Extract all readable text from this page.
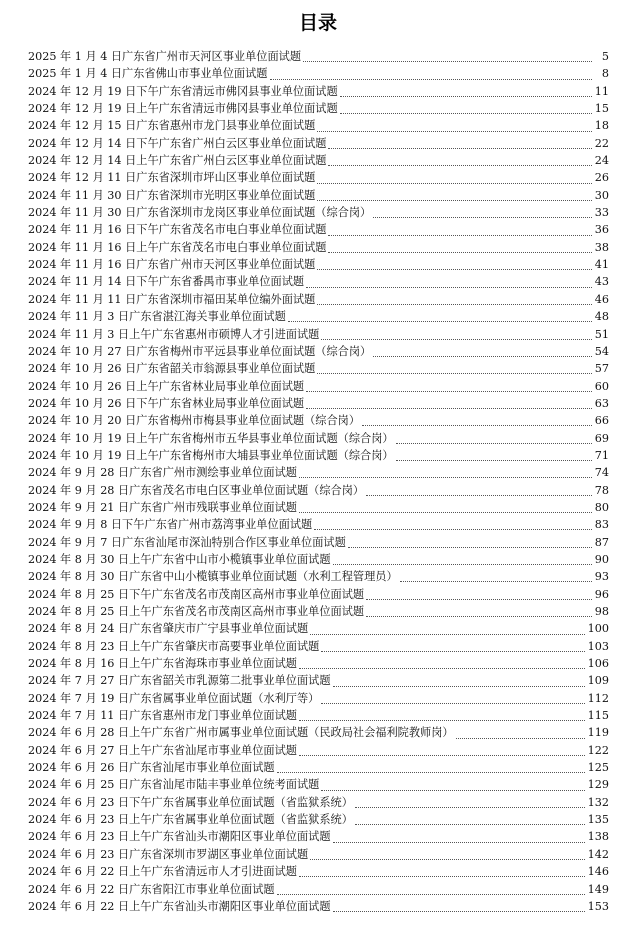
目录
2025 年 1 月 4 日广东省广州市天河区事业单位面试题	5
2025 年 1 月 4 日广东省佛山市事业单位面试题	8
2024 年 12 月 19 日下午广东省清远市佛冈县事业单位面试题	11
2024 年 12 月 19 日上午广东省清远市佛冈县事业单位面试题	15
2024 年 12 月 15 日广东省惠州市龙门县事业单位面试题	18
2024 年 12 月 14 日下午广东省广州白云区事业单位面试题	22
2024 年 12 月 14 日上午广东省广州白云区事业单位面试题	24
2024 年 12 月 11 日广东省深圳市坪山区事业单位面试题	26
2024 年 11 月 30 日广东省深圳市光明区事业单位面试题	30
2024 年 11 月 30 日广东省深圳市龙岗区事业单位面试题（综合岗）	33
2024 年 11 月 16 日下午广东省茂名市电白事业单位面试题	36
2024 年 11 月 16 日上午广东省茂名市电白事业单位面试题	38
2024 年 11 月 16 日广东省广州市天河区事业单位面试题	41
2024 年 11 月 14 日下午广东省番禺市事业单位面试题	43
2024 年 11 月 11 日广东省深圳市福田某单位编外面试题	46
2024 年 11 月 3 日广东省湛江海关事业单位面试题	48
2024 年 11 月 3 日上午广东省惠州市硕博人才引进面试题	51
2024 年 10 月 27 日广东省梅州市平远县事业单位面试题（综合岗）	54
2024 年 10 月 26 日广东省韶关市翁源县事业单位面试题	57
2024 年 10 月 26 日上午广东省林业局事业单位面试题	60
2024 年 10 月 26 日下午广东省林业局事业单位面试题	63
2024 年 10 月 20 日广东省梅州市梅县事业单位面试题（综合岗）	66
2024 年 10 月 19 日上午广东省梅州市五华县事业单位面试题（综合岗）	69
2024 年 10 月 19 日上午广东省梅州市大埔县事业单位面试题（综合岗）	71
2024 年 9 月 28 日广东省广州市测绘事业单位面试题	74
2024 年 9 月 28 日广东省茂名市电白区事业单位面试题（综合岗）	78
2024 年 9 月 21 日广东省广州市残联事业单位面试题	80
2024 年 9 月 8 日下午广东省广州市荔湾事业单位面试题	83
2024 年 9 月 7 日广东省汕尾市深汕特别合作区事业单位面试题	87
2024 年 8 月 30 日上午广东省中山市小榄镇事业单位面试题	90
2024 年 8 月 30 日广东省中山小榄镇事业单位面试题（水利工程管理员）	93
2024 年 8 月 25 日下午广东省茂名市茂南区高州市事业单位面试题	96
2024 年 8 月 25 日上午广东省茂名市茂南区高州市事业单位面试题	98
2024 年 8 月 24 日广东省肇庆市广宁县事业单位面试题	100
2024 年 8 月 23 日上午广东省肇庆市高要事业单位面试题	103
2024 年 8 月 16 日上午广东省海珠市事业单位面试题	106
2024 年 7 月 27 日广东省韶关市乳源第二批事业单位面试题	109
2024 年 7 月 19 日广东省属事业单位面试题（水利厅等）	112
2024 年 7 月 11 日广东省惠州市龙门事业单位面试题	115
2024 年 6 月 28 日上午广东省广州市属事业单位面试题（民政局社会福利院教师岗）	119
2024 年 6 月 27 日上午广东省汕尾市事业单位面试题	122
2024 年 6 月 26 日广东省汕尾市事业单位面试题	125
2024 年 6 月 25 日广东省汕尾市陆丰事业单位统考面试题	129
2024 年 6 月 23 日下午广东省属事业单位面试题（省监狱系统）	132
2024 年 6 月 23 日上午广东省属事业单位面试题（省监狱系统）	135
2024 年 6 月 23 日上午广东省汕头市潮阳区事业单位面试题	138
2024 年 6 月 23 日广东省深圳市罗湖区事业单位面试题	142
2024 年 6 月 22 日上午广东省清远市人才引进面试题	146
2024 年 6 月 22 日广东省阳江市事业单位面试题	149
2024 年 6 月 22 日上午广东省汕头市潮阳区事业单位面试题	153
